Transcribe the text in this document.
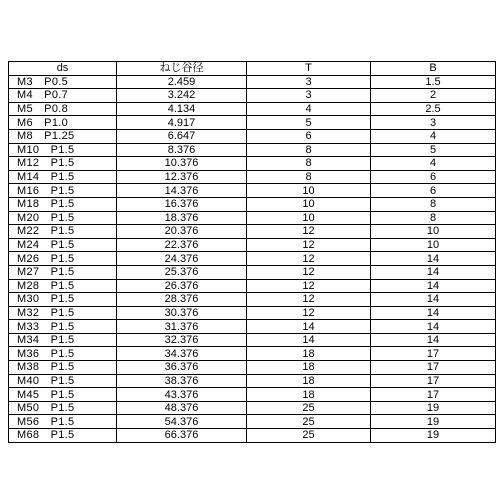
ds	ねじ谷径	T	B
M3　P0.5	2.459	3	1.5
M4　P0.7	3.242	3	2
M5　P0.8	4.134	4	2.5
M6　P1.0	4.917	5	3
M8　P1.25	6.647	6	4
M10　P1.5	8.376	8	5
M12　P1.5	10.376	8	4
M14　P1.5	12.376	8	6
M16　P1.5	14.376	10	6
M18　P1.5	16.376	10	8
M20　P1.5	18.376	10	8
M22　P1.5	20.376	12	10
M24　P1.5	22.376	12	10
M26　P1.5	24.376	12	14
M27　P1.5	25.376	12	14
M28　P1.5	26.376	12	14
M30　P1.5	28.376	12	14
M32　P1.5	30.376	12	14
M33　P1.5	31.376	14	14
M34　P1.5	32.376	14	14
M36　P1.5	34.376	18	17
M38　P1.5	36.376	18	17
M40　P1.5	38.376	18	17
M45　P1.5	43.376	18	17
M50　P1.5	48.376	25	19
M56　P1.5	54.376	25	19
M68　P1.5	66.376	25	19
